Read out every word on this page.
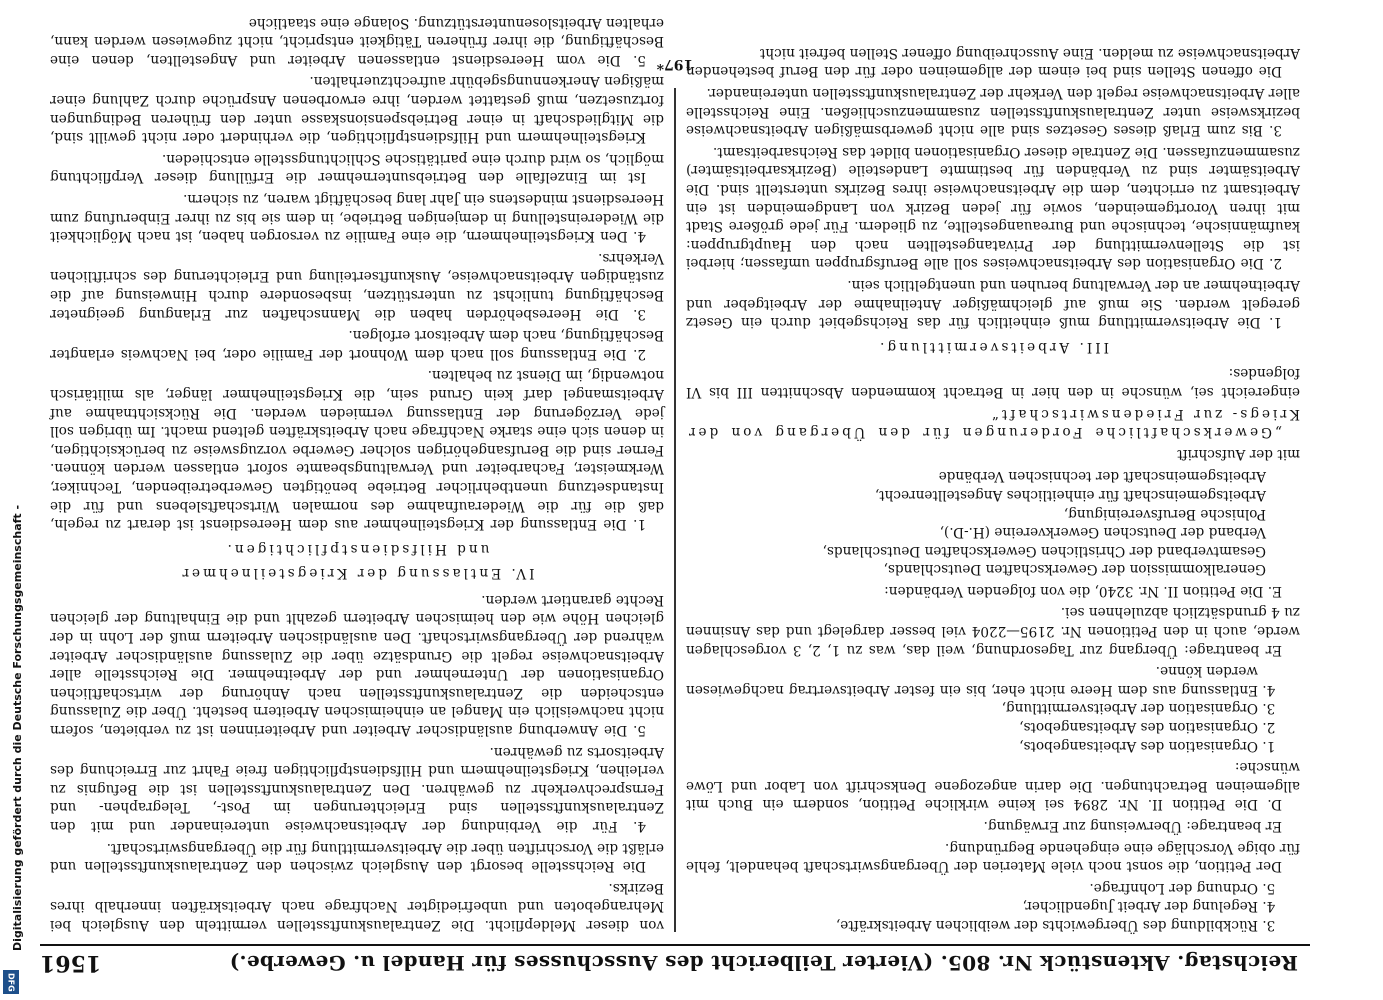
Reichstag. Aktenstück Nr. 805. (Vierter Teilbericht des Ausschusses für Handel u. Gewerbe.)
1561
3. Rückbildung des Übergewichts der weiblichen Arbeitskräfte,
4. Regelung der Arbeit Jugendlicher,
5. Ordnung der Lohnfrage.

Der Petition, die sonst noch viele Materien der Übergangswirtschaft behandelt, fehle für obige Vorschläge eine eingehende Begründung.

Er beantrage: Überweisung zur Erwägung.

D. Die Petition II. Nr. 2894 sei keine wirkliche Petition, sondern ein Buch mit allgemeinen Betrachtungen. Die darin angezogene Denkschrift von Labor und Löwe wünsche:

1. Organisation des Arbeitsangebots,
2. Organisation des Arbeitsangebots,
3. Organisation der Arbeitsvermittlung,
4. Entlassung aus dem Heere nicht eher, bis ein fester Arbeitsvertrag nachgewiesen werden könne.

Er beantrage: Übergang zur Tagesordnung, weil das, was zu 1, 2, 3 vorgeschlagen werde, auch in den Petitionen Nr. 2195—2204 viel besser dargelegt und das Ansinnen zu 4 grundsätzlich abzulehnen sei.

E. Die Petition II. Nr. 3240, die von folgenden Verbänden:

Generalkommission der Gewerkschaften Deutschlands,
Gesamtverband der Christlichen Gewerkschaften Deutschlands,
Verband der Deutschen Gewerkvereine (H.-D.),
Polnische Berufsvereinigung,
Arbeitsgemeinschaft für einheitliches Angestelltenrecht,
Arbeitsgemeinschaft der technischen Verbände

mit der Aufschrift

„Gewerkschaftliche Forderungen für den Übergang von der Kriegs- zur Friedenswirtschaft“

eingereicht sei, wünsche in den hier in Betracht kommenden Abschnitten III bis VI folgendes:

III. Arbeitsvermittlung.

1. Die Arbeitsvermittlung muß einheitlich für das Reichsgebiet durch ein Gesetz geregelt werden. Sie muß auf gleichmäßiger Anteilnahme der Arbeitgeber und Arbeitnehmer an der Verwaltung beruhen und unentgeltlich sein.

2. Die Organisation des Arbeitsnachweises soll alle Berufsgruppen umfassen; hierbei ist die Stellenvermittlung der Privatangestellten nach den Hauptgruppen: kaufmännische, technische und Bureauangestellte, zu gliedern. Für jede größere Stadt mit ihren Vorortgemeinden, sowie für jeden Bezirk von Landgemeinden ist ein Arbeitsamt zu errichten, dem die Arbeitsnachweise ihres Bezirks unterstellt sind. Die Arbeitsämter sind zu Verbänden für bestimmte Landesteile (Bezirksarbeitsämter) zusammenzufassen. Die Zentrale dieser Organisationen bildet das Reichsarbeitsamt.

3. Bis zum Erlaß dieses Gesetzes sind alle nicht gewerbsmäßigen Arbeitsnachweise bezirksweise unter Zentralauskunftsstellen zusammenzuschließen. Eine Reichsstelle aller Arbeitsnachweise regelt den Verkehr der Zentralauskunftsstellen untereinander.

Die offenen Stellen sind bei einem der allgemeinen oder für den Beruf bestehenden Arbeitsnachweise zu melden. Eine Ausschreibung offener Stellen befreit nicht

von dieser Meldepflicht. Die Zentralauskunftsstellen vermitteln den Ausgleich bei Mehrangeboten und unbefriedigter Nachfrage nach Arbeitskräften innerhalb ihres Bezirks.

Die Reichsstelle besorgt den Ausgleich zwischen den Zentralauskunftsstellen und erläßt die Vorschriften über die Arbeitsvermittlung für die Übergangswirtschaft.

4. Für die Verbindung der Arbeitsnachweise untereinander und mit den Zentralauskunftsstellen sind Erleichterungen im Post-, Telegraphen- und Fernsprechverkehr zu gewähren. Den Zentralauskunftsstellen ist die Befugnis zu verleihen, Kriegsteilnehmern und Hilfsdienstpflichtigen freie Fahrt zur Erreichung des Arbeitsorts zu gewähren.

5. Die Anwerbung ausländischer Arbeiter und Arbeiterinnen ist zu verbieten, sofern nicht nachweislich ein Mangel an einheimischen Arbeitern besteht. Über die Zulassung entscheiden die Zentralauskunftsstellen nach Anhörung der wirtschaftlichen Organisationen der Unternehmer und der Arbeitnehmer. Die Reichsstelle aller Arbeitsnachweise regelt die Grundsätze über die Zulassung ausländischer Arbeiter während der Übergangswirtschaft. Den ausländischen Arbeitern muß der Lohn in der gleichen Höhe wie den heimischen Arbeitern gezahlt und die Einhaltung der gleichen Rechte garantiert werden.

IV. Entlassung der Kriegsteilnehmer

und Hilfsdienstpflichtigen.

1. Die Entlassung der Kriegsteilnehmer aus dem Heeresdienst ist derart zu regeln, daß die für die Wiederaufnahme des normalen Wirtschaftslebens und für die Instandsetzung unentbehrlicher Betriebe benötigten Gewerbetreibenden, Techniker, Werkmeister, Facharbeiter und Verwaltungsbeamte sofort entlassen werden können. Ferner sind die Berufsangehörigen solcher Gewerbe vorzugsweise zu berücksichtigen, in denen sich eine starke Nachfrage nach Arbeitskräften geltend macht. Im übrigen soll jede Verzögerung der Entlassung vermieden werden. Die Rücksichtnahme auf Arbeitsmangel darf kein Grund sein, die Kriegsteilnehmer länger, als militärisch notwendig, im Dienst zu behalten.

2. Die Entlassung soll nach dem Wohnort der Familie oder, bei Nachweis erlangter Beschäftigung, nach dem Arbeitsort erfolgen.

3. Die Heeresbehörden haben die Mannschaften zur Erlangung geeigneter Beschäftigung tunlichst zu unterstützen, insbesondere durch Hinweisung auf die zuständigen Arbeitsnachweise, Auskunftserteilung und Erleichterung des schriftlichen Verkehrs.

4. Den Kriegsteilnehmern, die eine Familie zu versorgen haben, ist nach Möglichkeit die Wiedereinstellung in demjenigen Betriebe, in dem sie bis zu ihrer Einberufung zum Heeresdienst mindestens ein Jahr lang beschäftigt waren, zu sichern.

Ist im Einzelfalle den Betriebsunternehmer die Erfüllung dieser Verpflichtung möglich, so wird durch eine paritätische Schlichtungsstelle entschieden.

Kriegsteilnehmern und Hilfsdienstpflichtigen, die verhindert oder nicht gewillt sind, die Mitgliedschaft in einer Betriebspensionskasse unter den früheren Bedingungen fortzusetzen, muß gestattet werden, ihre erworbenen Ansprüche durch Zahlung einer mäßigen Anerkennungsgebühr aufrechtzuerhalten.

5. Die vom Heeresdienst entlassenen Arbeiter und Angestellten, denen eine Beschäftigung, die ihrer früheren Tätigkeit entspricht, nicht zugewiesen werden kann, erhalten Arbeitslosenunterstützung. Solange eine staatliche

197*
DFG
Digitalisierung gefördert durch die Deutsche Forschungsgemeinschaft -
